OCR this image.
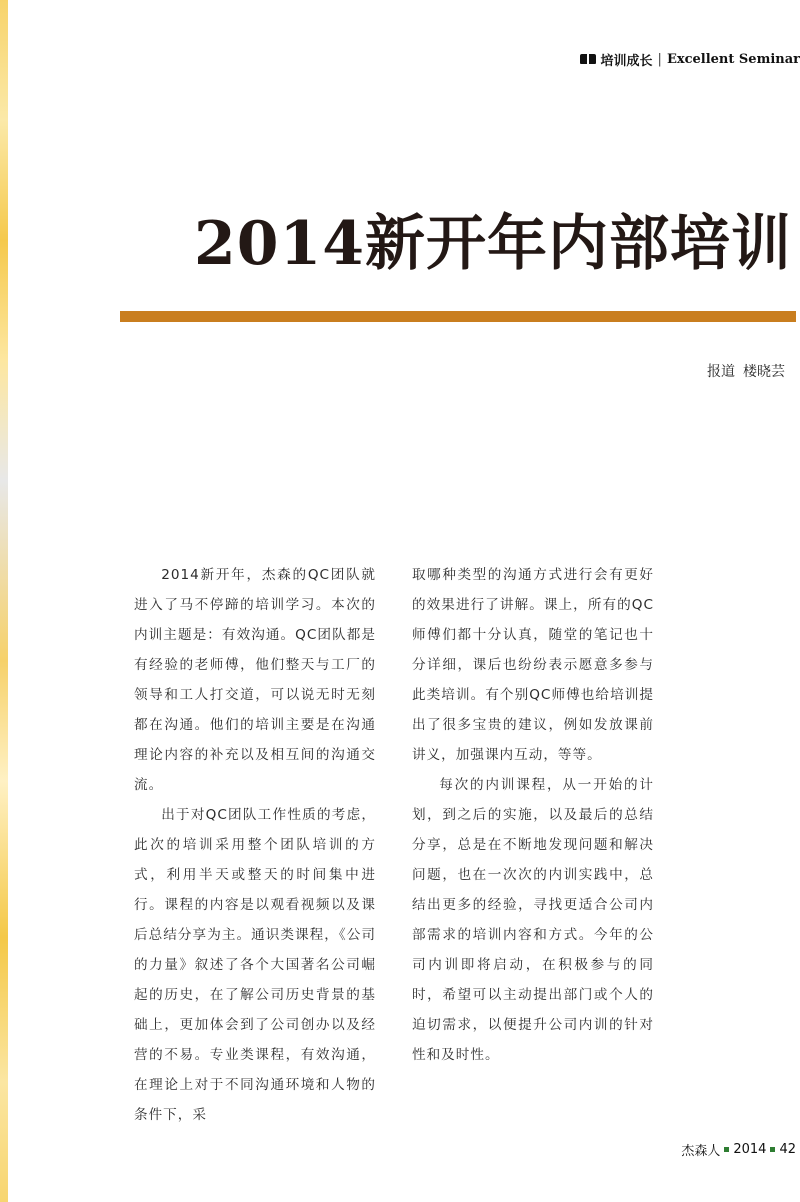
培训成长 | Excellent Seminar
2014新开年内部培训
报道 楼晓芸

2014新开年，杰森的QC团队就进入了马不停蹄的培训学习。本次的内训主题是：有效沟通。QC团队都是有经验的老师傅，他们整天与工厂的领导和工人打交道，可以说无时无刻都在沟通。他们的培训主要是在沟通理论内容的补充以及相互间的沟通交流。

出于对QC团队工作性质的考虑，此次的培训采用整个团队培训的方式，利用半天或整天的时间集中进行。课程的内容是以观看视频以及课后总结分享为主。通识类课程，《公司的力量》叙述了各个大国著名公司崛起的历史，在了解公司历史背景的基础上，更加体会到了公司创办以及经营的不易。专业类课程，有效沟通，在理论上对于不同沟通环境和人物的条件下，采

取哪种类型的沟通方式进行会有更好的效果进行了讲解。课上，所有的QC师傅们都十分认真，随堂的笔记也十分详细，课后也纷纷表示愿意多参与此类培训。有个别QC师傅也给培训提出了很多宝贵的建议，例如发放课前讲义，加强课内互动，等等。

每次的内训课程，从一开始的计划，到之后的实施，以及最后的总结分享，总是在不断地发现问题和解决问题，也在一次次的内训实践中，总结出更多的经验，寻找更适合公司内部需求的培训内容和方式。今年的公司内训即将启动，在积极参与的同时，希望可以主动提出部门或个人的迫切需求，以便提升公司内训的针对性和及时性。

杰森人 2014 42
